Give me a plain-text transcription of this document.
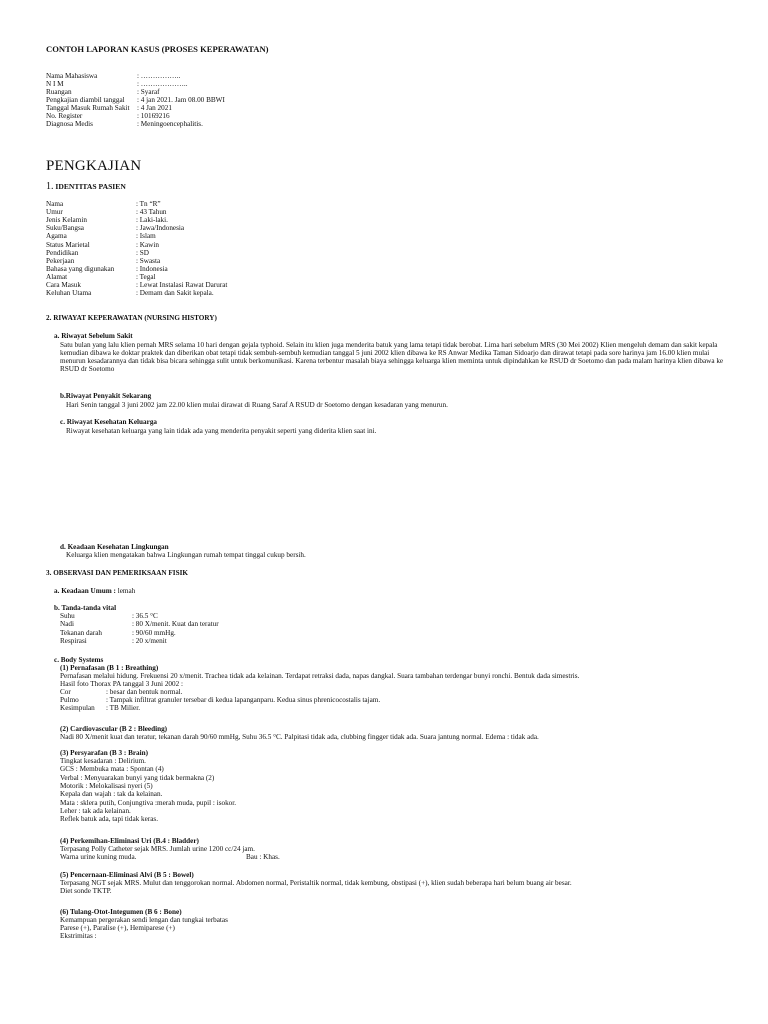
CONTOH LAPORAN KASUS (PROSES KEPERAWATAN)
Nama Mahasiswa	: ……………..
N I M	: ………………..
Ruangan	: Syaraf
Pengkajian diambil tanggal : 4 jan 2021. Jam 08.00 BBWI
Tanggal Masuk Rumah Sakit : 4 Jan 2021
No. Register	: 10169216
Diagnosa Medis	: Meningoencephalitis.
PENGKAJIAN
1. IDENTITAS PASIEN
Nama	: Tn “R”
Umur	: 43 Tahun
Jenis Kelamin	: Laki-laki.
Suku/Bangsa	: Jawa/Indonesia
Agama	: Islam
Status Marietal	: Kawin
Pendidikan	: SD
Pekerjaan	: Swasta
Bahasa yang digunakan	: Indonesia
Alamat	: Tegal
Cara Masuk	: Lewat Instalasi Rawat Darurat
Keluhan Utama	: Demam dan Sakit kepala.
2. RIWAYAT KEPERAWATAN (NURSING HISTORY)
a. Riwayat Sebelum Sakit
Satu bulan yang lalu klien pernah MRS selama 10 hari dengan gejala typhoid. Selain itu klien juga menderita batuk yang lama tetapi tidak berobat. Lima hari sebelum MRS (30 Mei 2002) Klien mengeluh demam dan sakit kepala kemudian dibawa ke doktar praktek dan diberikan obat tetapi tidak sembuh-sembuh kemudian tanggal 5 juni 2002 klien dibawa ke RS Anwar Medika Taman Sidoarjo dan dirawat tetapi pada sore harinya jam 16.00 klien mulai menurun kesadarannya dan tidak bisa bicara sehingga sulit untuk berkomunikasi. Karena terbentur masalah biaya sehingga keluarga klien meminta untuk dipindahkan ke RSUD dr Soetomo dan pada malam harinya klien dibawa ke RSUD dr Soetomo
b.Riwayat Penyakit Sekarang
Hari Senin tanggal 3 juni 2002 jam 22.00 klien mulai dirawat di Ruang Saraf A RSUD dr Soetomo dengan kesadaran yang menurun.
c. Riwayat Kesehatan Keluarga
Riwayat kesehatan keluarga yang lain tidak ada yang menderita penyakit seperti yang diderita klien saat ini.
d. Keadaan Kesehatan Lingkungan
Keluarga klien mengatakan bahwa Lingkungan rumah tempat tinggal cukup bersih.
3. OBSERVASI DAN PEMERIKSAAN FISIK
a. Keadaan Umum : lemah
b. Tanda-tanda vital
Suhu	: 36.5 °C
Nadi	: 80 X/menit. Kuat dan teratur
Tekanan darah	: 90/60 mmHg.
Respirasi	: 20 x/menit
c. Body Systems
(1) Pernafasan (B 1 : Breathing)
Pernafasan melalui hidung. Frekuensi 20 x/menit. Trachea tidak ada kelainan. Terdapat retraksi dada, napas dangkal. Suara tambahan terdengar bunyi ronchi. Bentuk dada simestris.
Hasil foto Thorax PA tanggal 3 Juni 2002 :
Cor	: besar dan bentuk normal.
Pulmo	: Tampak infiltrat granuler tersebar di kedua lapanganparu. Kedua sinus phrenicocostalis tajam.
Kesimpulan : TB Milier.
(2) Cardiovascular (B 2 : Bleeding)
Nadi 80 X/menit kuat dan teratur, tekanan darah 90/60 mmHg, Suhu 36.5 °C. Palpitasi tidak ada, clubbing fingger tidak ada. Suara jantung normal. Edema : tidak ada.
(3) Persyarafan (B 3 : Brain)
Tingkat kesadaran : Delirium.
GCS : Membuka mata : Spontan (4)
Verbal : Menyuarakan bunyi yang tidak bermakna (2)
Motorik : Melokalisasi nyeri (5)
Kepala dan wajah : tak da kelainan.
Mata : sklera putih, Conjungtiva :merah muda, pupil : isokor.
Leher : tak ada kelainan.
Reflek batuk ada, tapi tidak keras.
(4) Perkemihan-Eliminasi Uri (B.4 : Bladder)
Terpasang Polly Catheter sejak MRS. Jumlah urine 1200 cc/24 jam.
Warna urine kuning muda.	Bau : Khas.
(5) Pencernaan-Eliminasi Alvi (B 5 : Bowel)
Terpasang NGT sejak MRS. Mulut dan tenggorokan normal. Abdomen normal, Peristaltik normal, tidak kembung, obstipasi (+), klien sudah beberapa hari belum buang air besar.
Diet sonde TKTP.
(6) Tulang-Otot-Integumen (B 6 : Bone)
Kemampuan pergerakan sendi lengan dan tungkai terbatas
Parese (+), Paralise (+), Hemiparese (+)
Ekstrimitas :
